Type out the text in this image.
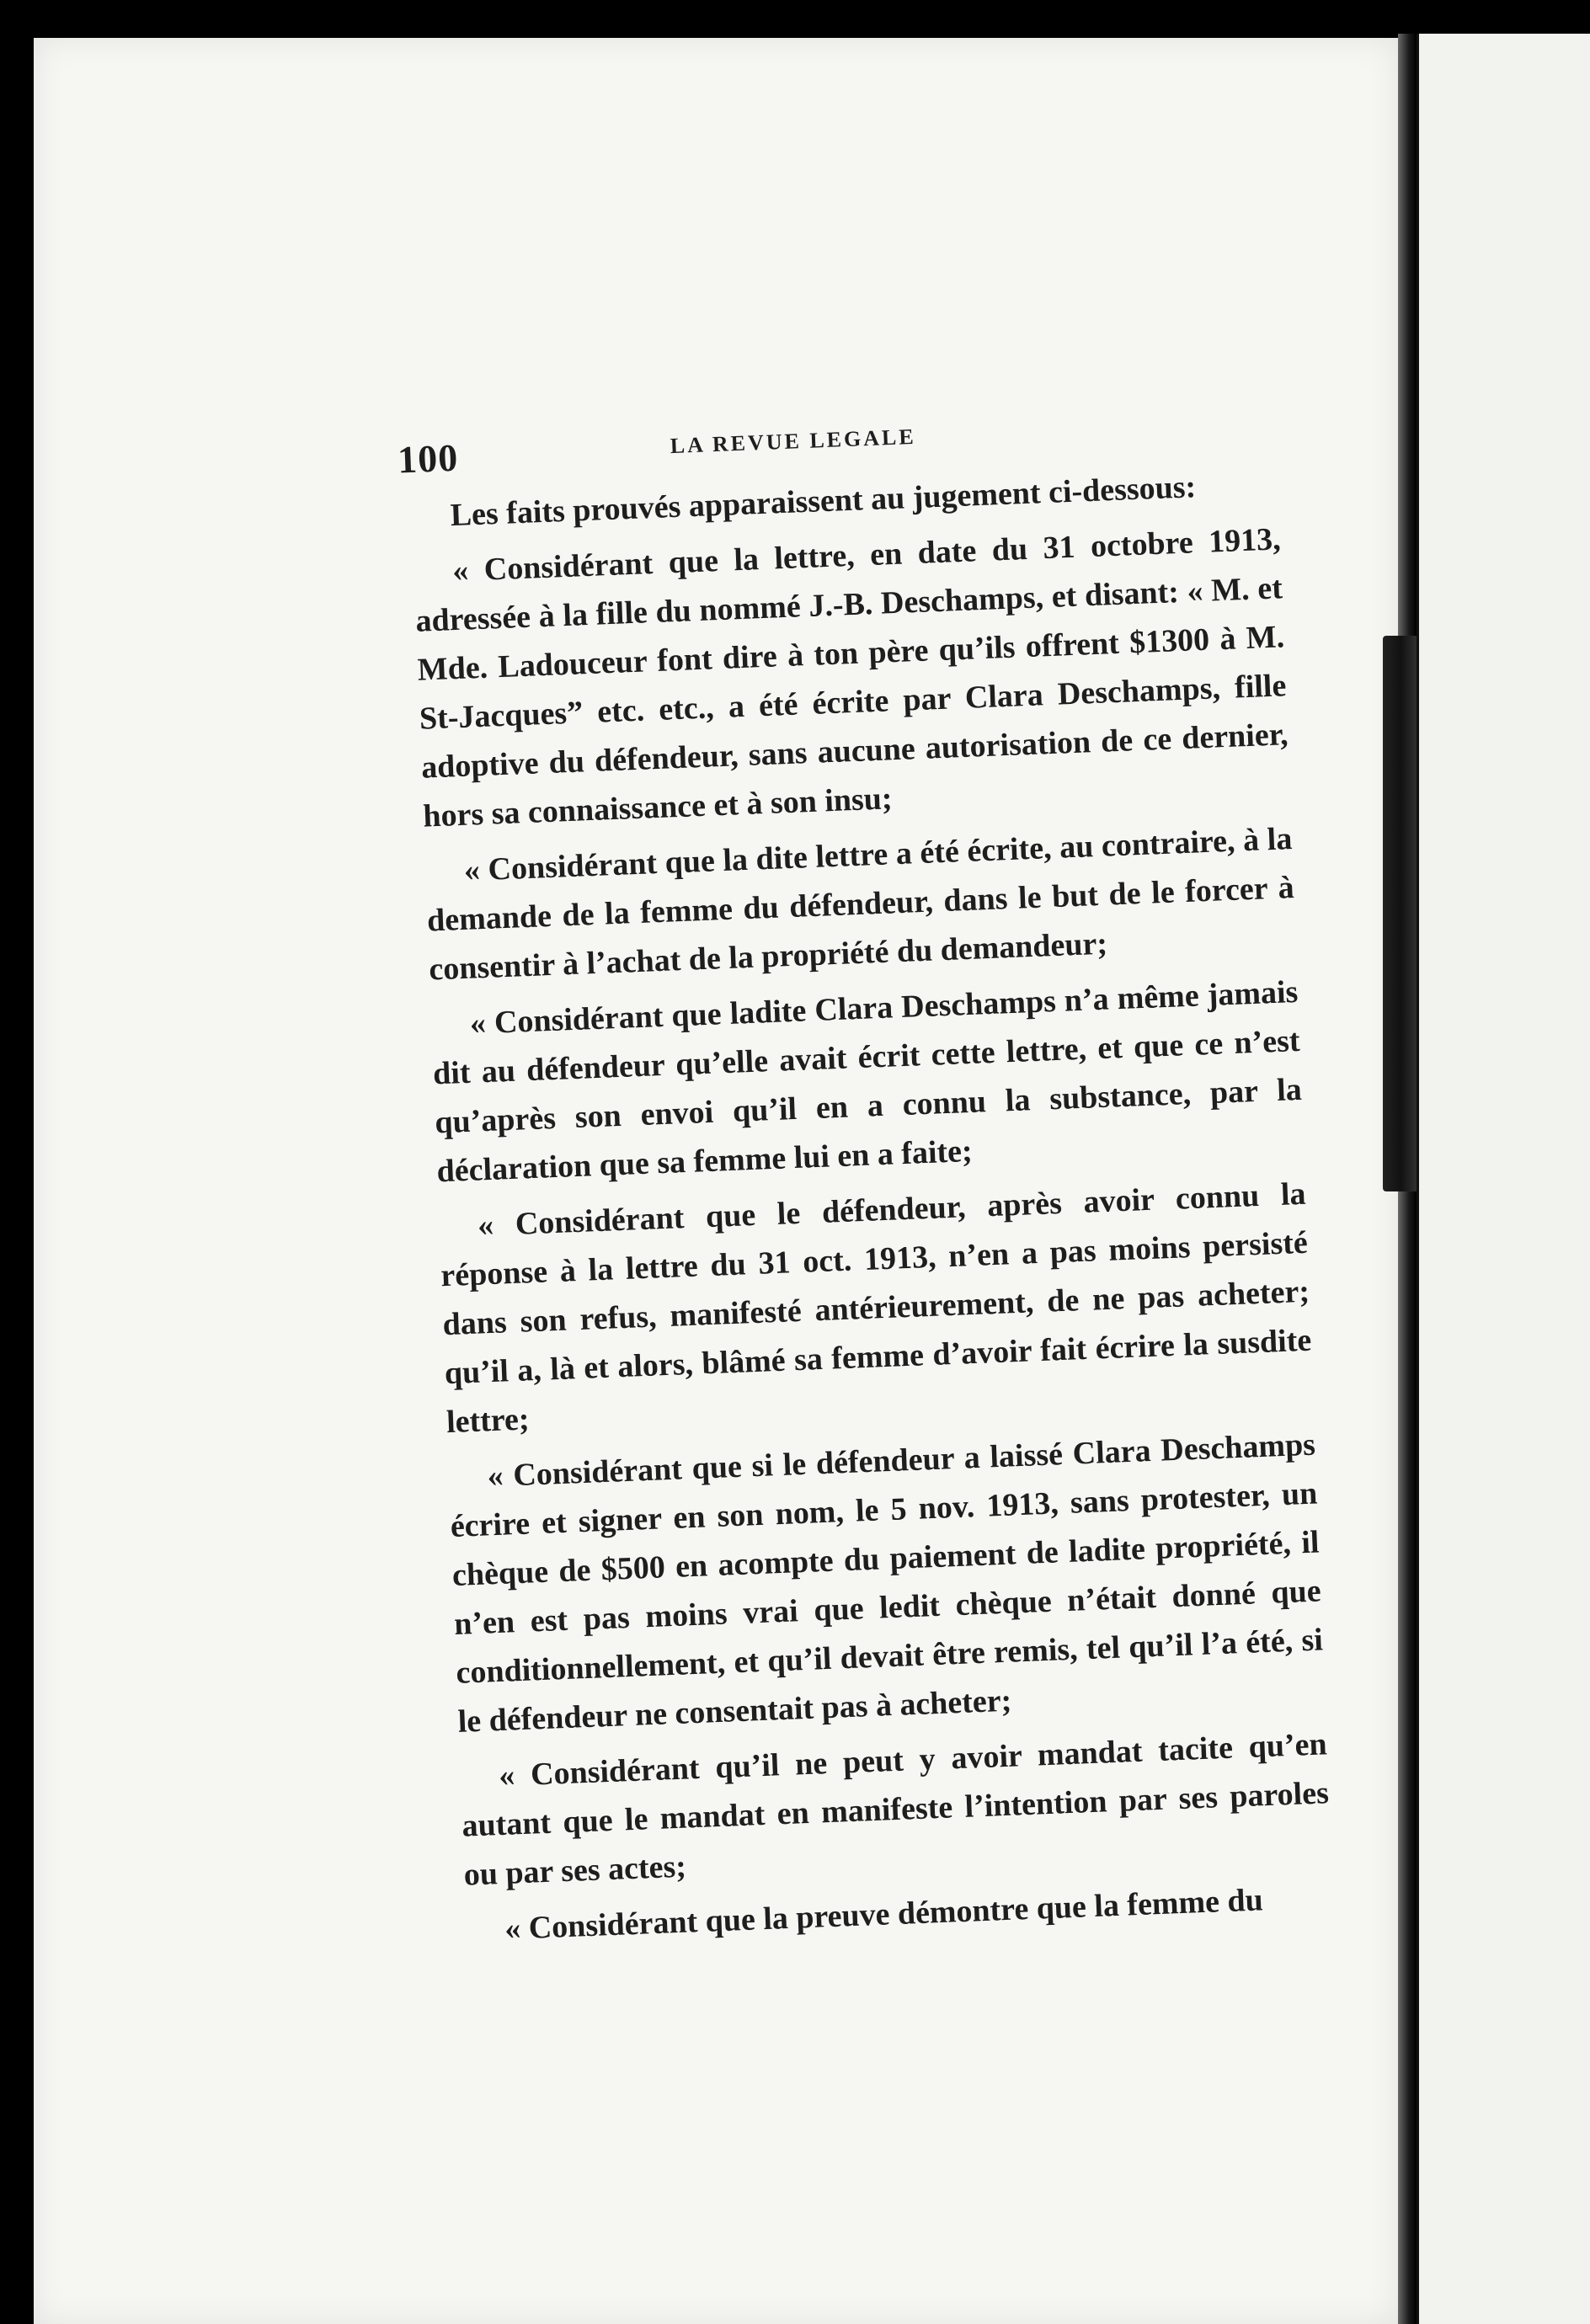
100	LA REVUE LEGALE

Les faits prouvés apparaissent au jugement ci-dessous:

« Considérant que la lettre, en date du 31 octobre 1913, adressée à la fille du nommé J.-B. Deschamps, et disant: « M. et Mde. Ladouceur font dire à ton père qu’ils offrent $1300 à M. St-Jacques” etc. etc., a été écrite par Clara Deschamps, fille adoptive du défendeur, sans aucune autorisation de ce dernier, hors sa connaissance et à son insu;

« Considérant que la dite lettre a été écrite, au contraire, à la demande de la femme du défendeur, dans le but de le forcer à consentir à l’achat de la propriété du demandeur;

« Considérant que ladite Clara Deschamps n’a même jamais dit au défendeur qu’elle avait écrit cette lettre, et que ce n’est qu’après son envoi qu’il en a connu la substance, par la déclaration que sa femme lui en a faite;

« Considérant que le défendeur, après avoir connu la réponse à la lettre du 31 oct. 1913, n’en a pas moins persisté dans son refus, manifesté antérieurement, de ne pas acheter; qu’il a, là et alors, blâmé sa femme d’avoir fait écrire la susdite lettre;

« Considérant que si le défendeur a laissé Clara Deschamps écrire et signer en son nom, le 5 nov. 1913, sans protester, un chèque de $500 en acompte du paiement de ladite propriété, il n’en est pas moins vrai que ledit chèque n’était donné que conditionnellement, et qu’il devait être remis, tel qu’il l’a été, si le défendeur ne consentait pas à acheter;

« Considérant qu’il ne peut y avoir mandat tacite qu’en autant que le mandat en manifeste l’intention par ses paroles ou par ses actes;

« Considérant que la preuve démontre que la femme du
